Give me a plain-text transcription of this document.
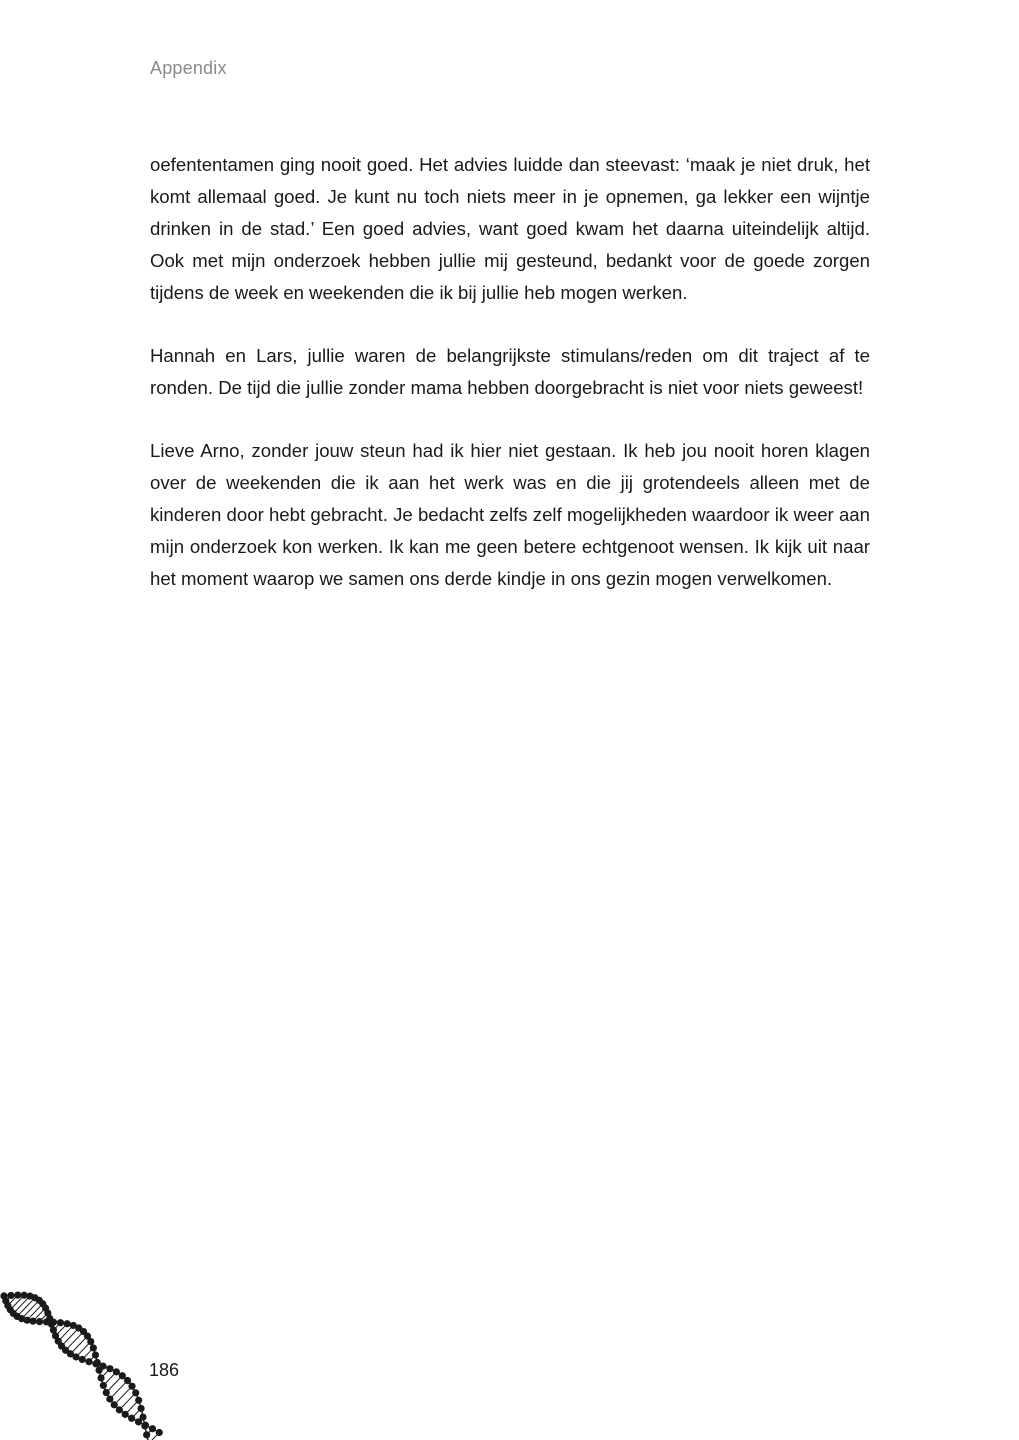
Appendix

oefententamen ging nooit goed. Het advies luidde dan steevast: ‘maak je niet druk, het komt allemaal goed. Je kunt nu toch niets meer in je opnemen, ga lekker een wijntje drinken in de stad.’ Een goed advies, want goed kwam het daarna uiteindelijk altijd. Ook met mijn onderzoek hebben jullie mij gesteund, bedankt voor de goede zorgen tijdens de week en weekenden die ik bij jullie heb mogen werken.

Hannah en Lars, jullie waren de belangrijkste stimulans/reden om dit traject af te ronden. De tijd die jullie zonder mama hebben doorgebracht is niet voor niets geweest!

Lieve Arno, zonder jouw steun had ik hier niet gestaan. Ik heb jou nooit horen klagen over de weekenden die ik aan het werk was en die jij grotendeels alleen met de kinderen door hebt gebracht. Je bedacht zelfs zelf mogelijkheden waardoor ik weer aan mijn onderzoek kon werken. Ik kan me geen betere echtgenoot wensen. Ik kijk uit naar het moment waarop we samen ons derde kindje in ons gezin mogen verwelkomen.

186
